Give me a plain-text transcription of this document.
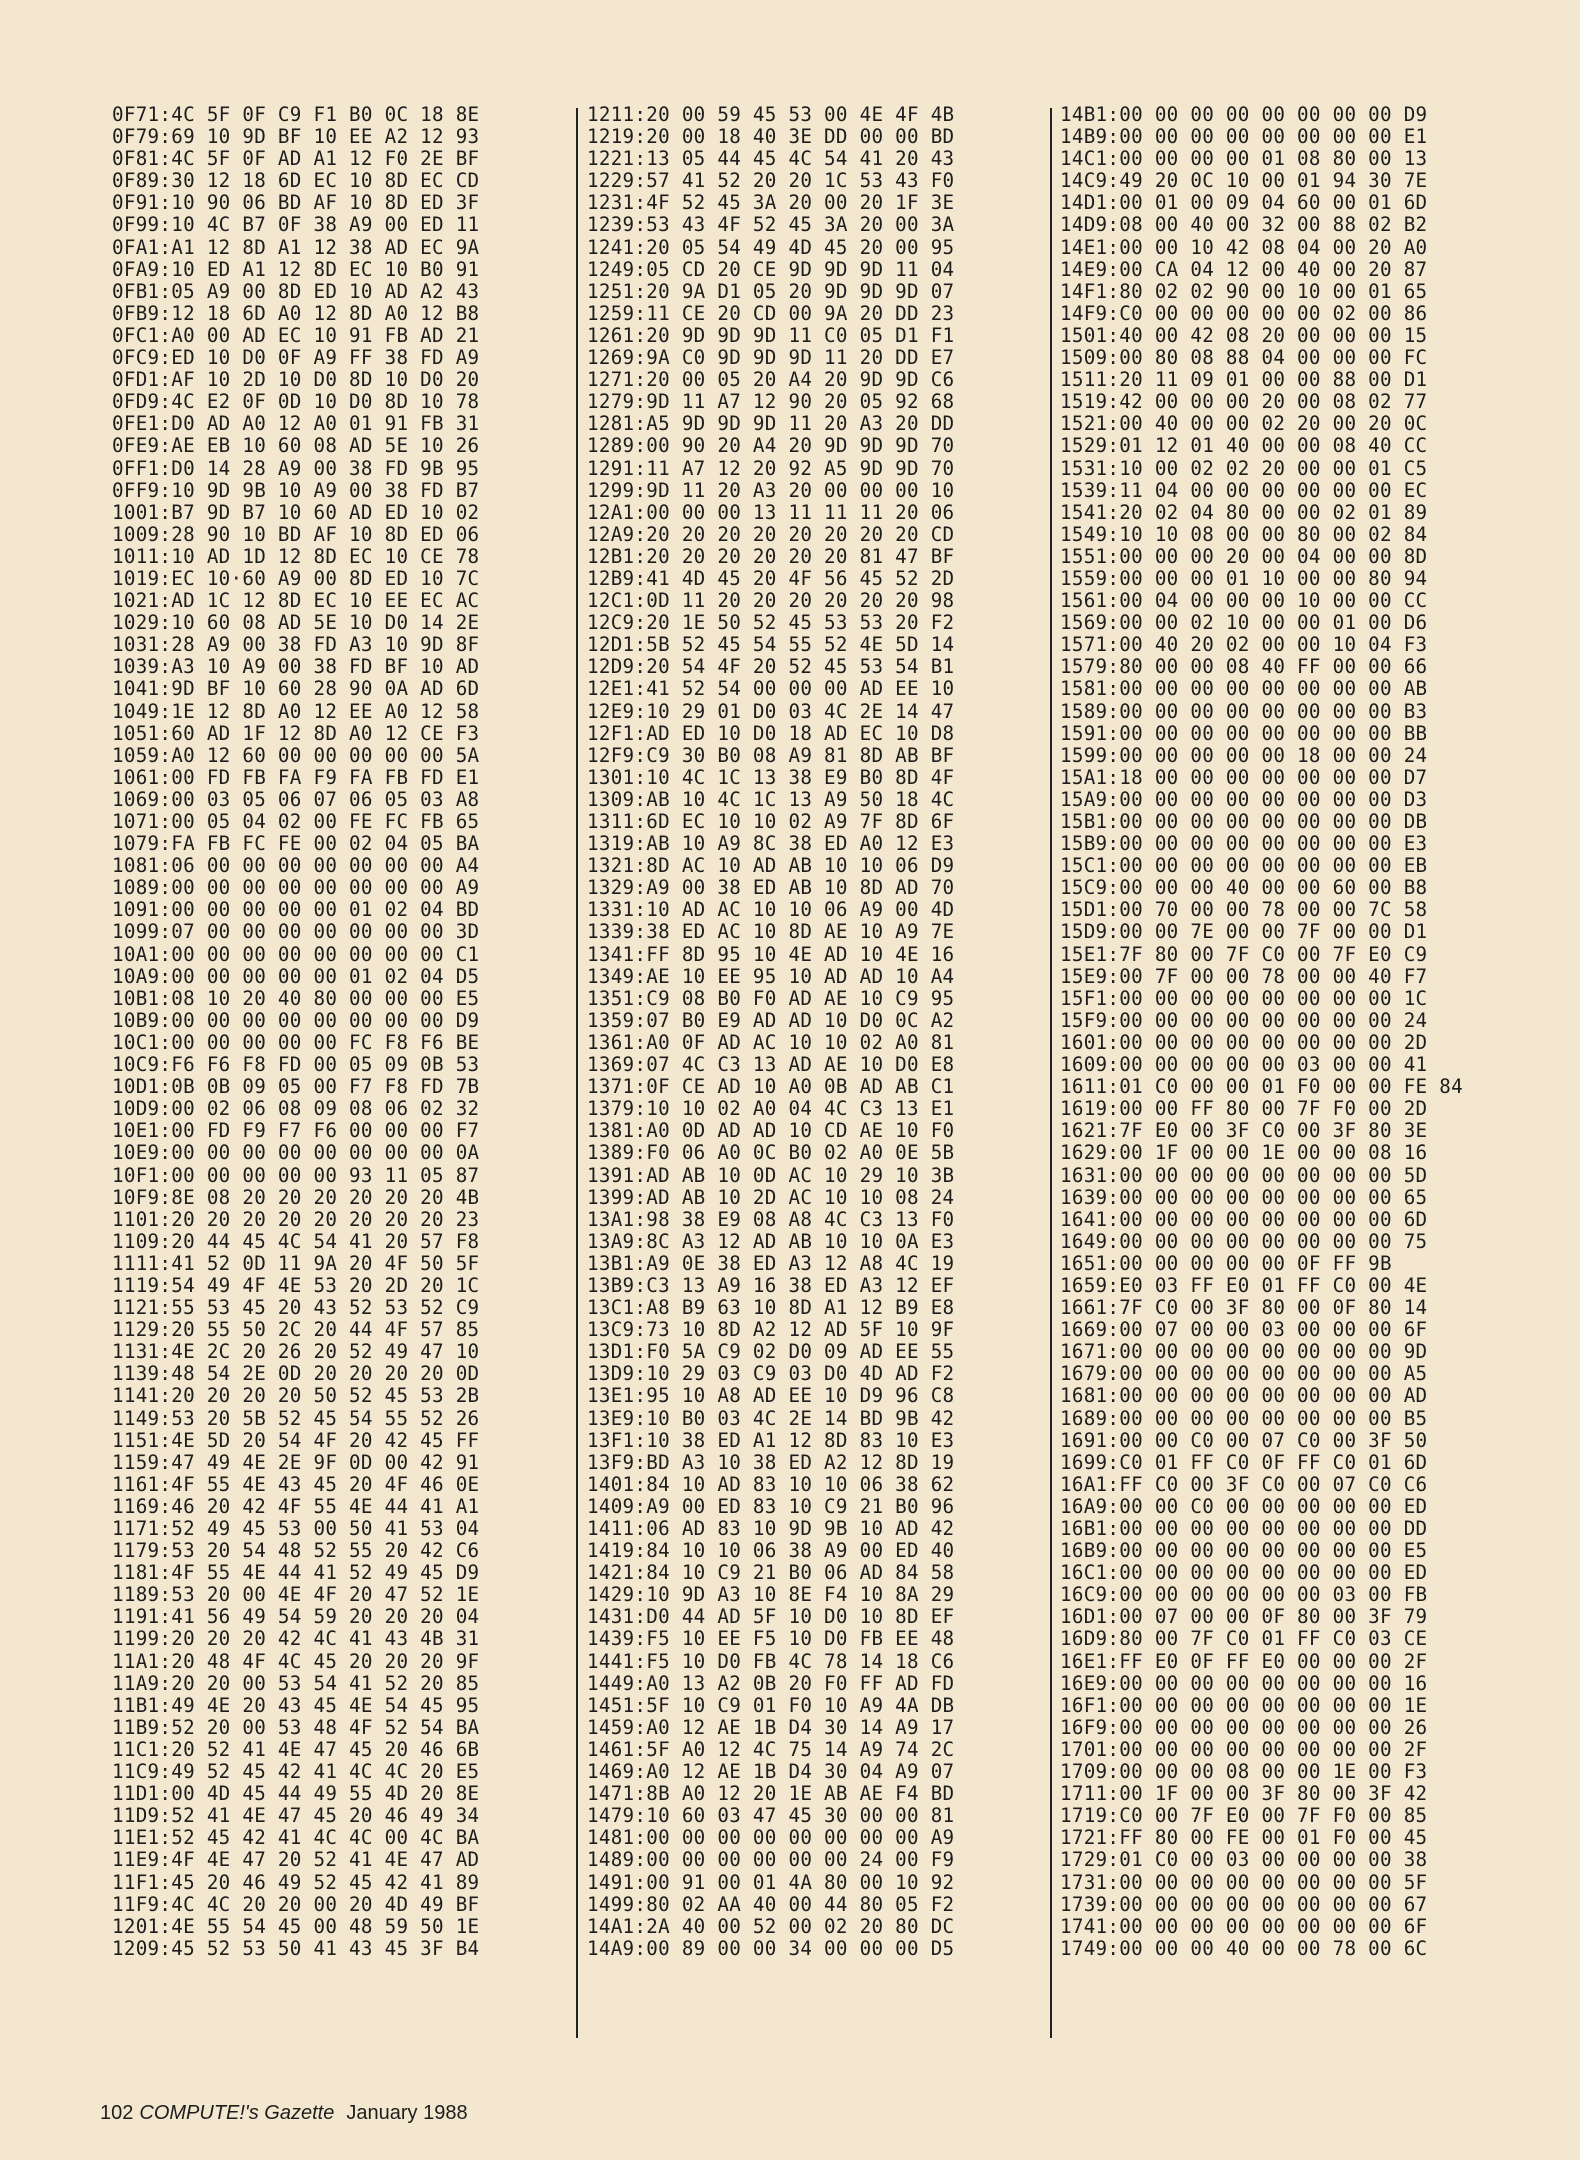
0F71:4C 5F 0F C9 F1 B0 0C 18 8E
0F79:69 10 9D BF 10 EE A2 12 93
0F81:4C 5F 0F AD A1 12 F0 2E BF
0F89:30 12 18 6D EC 10 8D EC CD
0F91:10 90 06 BD AF 10 8D ED 3F
0F99:10 4C B7 0F 38 A9 00 ED 11
0FA1:A1 12 8D A1 12 38 AD EC 9A
0FA9:10 ED A1 12 8D EC 10 B0 91
0FB1:05 A9 00 8D ED 10 AD A2 43
0FB9:12 18 6D A0 12 8D A0 12 B8
0FC1:A0 00 AD EC 10 91 FB AD 21
0FC9:ED 10 D0 0F A9 FF 38 FD A9
0FD1:AF 10 2D 10 D0 8D 10 D0 20
0FD9:4C E2 0F 0D 10 D0 8D 10 78
0FE1:D0 AD A0 12 A0 01 91 FB 31
0FE9:AE EB 10 60 08 AD 5E 10 26
0FF1:D0 14 28 A9 00 38 FD 9B 95
0FF9:10 9D 9B 10 A9 00 38 FD B7
1001:B7 9D B7 10 60 AD ED 10 02
1009:28 90 10 BD AF 10 8D ED 06
1011:10 AD 1D 12 8D EC 10 CE 78
1019:EC 10·60 A9 00 8D ED 10 7C
1021:AD 1C 12 8D EC 10 EE EC AC
1029:10 60 08 AD 5E 10 D0 14 2E
1031:28 A9 00 38 FD A3 10 9D 8F
1039:A3 10 A9 00 38 FD BF 10 AD
1041:9D BF 10 60 28 90 0A AD 6D
1049:1E 12 8D A0 12 EE A0 12 58
1051:60 AD 1F 12 8D A0 12 CE F3
1059:A0 12 60 00 00 00 00 00 5A
1061:00 FD FB FA F9 FA FB FD E1
1069:00 03 05 06 07 06 05 03 A8
1071:00 05 04 02 00 FE FC FB 65
1079:FA FB FC FE 00 02 04 05 BA
1081:06 00 00 00 00 00 00 00 A4
1089:00 00 00 00 00 00 00 00 A9
1091:00 00 00 00 00 01 02 04 BD
1099:07 00 00 00 00 00 00 00 3D
10A1:00 00 00 00 00 00 00 00 C1
10A9:00 00 00 00 00 01 02 04 D5
10B1:08 10 20 40 80 00 00 00 E5
10B9:00 00 00 00 00 00 00 00 D9
10C1:00 00 00 00 00 FC F8 F6 BE
10C9:F6 F6 F8 FD 00 05 09 0B 53
10D1:0B 0B 09 05 00 F7 F8 FD 7B
10D9:00 02 06 08 09 08 06 02 32
10E1:00 FD F9 F7 F6 00 00 00 F7
10E9:00 00 00 00 00 00 00 00 0A
10F1:00 00 00 00 00 93 11 05 87
10F9:8E 08 20 20 20 20 20 20 4B
1101:20 20 20 20 20 20 20 20 23
1109:20 44 45 4C 54 41 20 57 F8
1111:41 52 0D 11 9A 20 4F 50 5F
1119:54 49 4F 4E 53 20 2D 20 1C
1121:55 53 45 20 43 52 53 52 C9
1129:20 55 50 2C 20 44 4F 57 85
1131:4E 2C 20 26 20 52 49 47 10
1139:48 54 2E 0D 20 20 20 20 0D
1141:20 20 20 20 50 52 45 53 2B
1149:53 20 5B 52 45 54 55 52 26
1151:4E 5D 20 54 4F 20 42 45 FF
1159:47 49 4E 2E 9F 0D 00 42 91
1161:4F 55 4E 43 45 20 4F 46 0E
1169:46 20 42 4F 55 4E 44 41 A1
1171:52 49 45 53 00 50 41 53 04
1179:53 20 54 48 52 55 20 42 C6
1181:4F 55 4E 44 41 52 49 45 D9
1189:53 20 00 4E 4F 20 47 52 1E
1191:41 56 49 54 59 20 20 20 04
1199:20 20 20 42 4C 41 43 4B 31
11A1:20 48 4F 4C 45 20 20 20 9F
11A9:20 20 00 53 54 41 52 20 85
11B1:49 4E 20 43 45 4E 54 45 95
11B9:52 20 00 53 48 4F 52 54 BA
11C1:20 52 41 4E 47 45 20 46 6B
11C9:49 52 45 42 41 4C 4C 20 E5
11D1:00 4D 45 44 49 55 4D 20 8E
11D9:52 41 4E 47 45 20 46 49 34
11E1:52 45 42 41 4C 4C 00 4C BA
11E9:4F 4E 47 20 52 41 4E 47 AD
11F1:45 20 46 49 52 45 42 41 89
11F9:4C 4C 20 20 00 20 4D 49 BF
1201:4E 55 54 45 00 48 59 50 1E
1209:45 52 53 50 41 43 45 3F B4
1211:20 00 59 45 53 00 4E 4F 4B
1219:20 00 18 40 3E DD 00 00 BD
1221:13 05 44 45 4C 54 41 20 43
1229:57 41 52 20 20 1C 53 43 F0
1231:4F 52 45 3A 20 00 20 1F 3E
1239:53 43 4F 52 45 3A 20 00 3A
1241:20 05 54 49 4D 45 20 00 95
1249:05 CD 20 CE 9D 9D 9D 11 04
1251:20 9A D1 05 20 9D 9D 9D 07
1259:11 CE 20 CD 00 9A 20 DD 23
1261:20 9D 9D 9D 11 C0 05 D1 F1
1269:9A C0 9D 9D 9D 11 20 DD E7
1271:20 00 05 20 A4 20 9D 9D C6
1279:9D 11 A7 12 90 20 05 92 68
1281:A5 9D 9D 9D 11 20 A3 20 DD
1289:00 90 20 A4 20 9D 9D 9D 70
1291:11 A7 12 20 92 A5 9D 9D 70
1299:9D 11 20 A3 20 00 00 00 10
12A1:00 00 00 13 11 11 11 20 06
12A9:20 20 20 20 20 20 20 20 CD
12B1:20 20 20 20 20 20 81 47 BF
12B9:41 4D 45 20 4F 56 45 52 2D
12C1:0D 11 20 20 20 20 20 20 98
12C9:20 1E 50 52 45 53 53 20 F2
12D1:5B 52 45 54 55 52 4E 5D 14
12D9:20 54 4F 20 52 45 53 54 B1
12E1:41 52 54 00 00 00 AD EE 10
12E9:10 29 01 D0 03 4C 2E 14 47
12F1:AD ED 10 D0 18 AD EC 10 D8
12F9:C9 30 B0 08 A9 81 8D AB BF
1301:10 4C 1C 13 38 E9 B0 8D 4F
1309:AB 10 4C 1C 13 A9 50 18 4C
1311:6D EC 10 10 02 A9 7F 8D 6F
1319:AB 10 A9 8C 38 ED A0 12 E3
1321:8D AC 10 AD AB 10 10 06 D9
1329:A9 00 38 ED AB 10 8D AD 70
1331:10 AD AC 10 10 06 A9 00 4D
1339:38 ED AC 10 8D AE 10 A9 7E
1341:FF 8D 95 10 4E AD 10 4E 16
1349:AE 10 EE 95 10 AD AD 10 A4
1351:C9 08 B0 F0 AD AE 10 C9 95
1359:07 B0 E9 AD AD 10 D0 0C A2
1361:A0 0F AD AC 10 10 02 A0 81
1369:07 4C C3 13 AD AE 10 D0 E8
1371:0F CE AD 10 A0 0B AD AB C1
1379:10 10 02 A0 04 4C C3 13 E1
1381:A0 0D AD AD 10 CD AE 10 F0
1389:F0 06 A0 0C B0 02 A0 0E 5B
1391:AD AB 10 0D AC 10 29 10 3B
1399:AD AB 10 2D AC 10 10 08 24
13A1:98 38 E9 08 A8 4C C3 13 F0
13A9:8C A3 12 AD AB 10 10 0A E3
13B1:A9 0E 38 ED A3 12 A8 4C 19
13B9:C3 13 A9 16 38 ED A3 12 EF
13C1:A8 B9 63 10 8D A1 12 B9 E8
13C9:73 10 8D A2 12 AD 5F 10 9F
13D1:F0 5A C9 02 D0 09 AD EE 55
13D9:10 29 03 C9 03 D0 4D AD F2
13E1:95 10 A8 AD EE 10 D9 96 C8
13E9:10 B0 03 4C 2E 14 BD 9B 42
13F1:10 38 ED A1 12 8D 83 10 E3
13F9:BD A3 10 38 ED A2 12 8D 19
1401:84 10 AD 83 10 10 06 38 62
1409:A9 00 ED 83 10 C9 21 B0 96
1411:06 AD 83 10 9D 9B 10 AD 42
1419:84 10 10 06 38 A9 00 ED 40
1421:84 10 C9 21 B0 06 AD 84 58
1429:10 9D A3 10 8E F4 10 8A 29
1431:D0 44 AD 5F 10 D0 10 8D EF
1439:F5 10 EE F5 10 D0 FB EE 48
1441:F5 10 D0 FB 4C 78 14 18 C6
1449:A0 13 A2 0B 20 F0 FF AD FD
1451:5F 10 C9 01 F0 10 A9 4A DB
1459:A0 12 AE 1B D4 30 14 A9 17
1461:5F A0 12 4C 75 14 A9 74 2C
1469:A0 12 AE 1B D4 30 04 A9 07
1471:8B A0 12 20 1E AB AE F4 BD
1479:10 60 03 47 45 30 00 00 81
1481:00 00 00 00 00 00 00 00 A9
1489:00 00 00 00 00 00 24 00 F9
1491:00 91 00 01 4A 80 00 10 92
1499:80 02 AA 40 00 44 80 05 F2
14A1:2A 40 00 52 00 02 20 80 DC
14A9:00 89 00 00 34 00 00 00 D5
14B1:00 00 00 00 00 00 00 00 D9
14B9:00 00 00 00 00 00 00 00 E1
14C1:00 00 00 00 01 08 80 00 13
14C9:49 20 0C 10 00 01 94 30 7E
14D1:00 01 00 09 04 60 00 01 6D
14D9:08 00 40 00 32 00 88 02 B2
14E1:00 00 10 42 08 04 00 20 A0
14E9:00 CA 04 12 00 40 00 20 87
14F1:80 02 02 90 00 10 00 01 65
14F9:C0 00 00 00 00 00 02 00 86
1501:40 00 42 08 20 00 00 00 15
1509:00 80 08 88 04 00 00 00 FC
1511:20 11 09 01 00 00 88 00 D1
1519:42 00 00 00 20 00 08 02 77
1521:00 40 00 00 02 20 00 20 0C
1529:01 12 01 40 00 00 08 40 CC
1531:10 00 02 02 20 00 00 01 C5
1539:11 04 00 00 00 00 00 00 EC
1541:20 02 04 80 00 00 02 01 89
1549:10 10 08 00 00 80 00 02 84
1551:00 00 00 20 00 04 00 00 8D
1559:00 00 00 01 10 00 00 80 94
1561:00 04 00 00 00 10 00 00 CC
1569:00 00 02 10 00 00 01 00 D6
1571:00 40 20 02 00 00 10 04 F3
1579:80 00 00 08 40 FF 00 00 66
1581:00 00 00 00 00 00 00 00 AB
1589:00 00 00 00 00 00 00 00 B3
1591:00 00 00 00 00 00 00 00 BB
1599:00 00 00 00 00 18 00 00 24
15A1:18 00 00 00 00 00 00 00 D7
15A9:00 00 00 00 00 00 00 00 D3
15B1:00 00 00 00 00 00 00 00 DB
15B9:00 00 00 00 00 00 00 00 E3
15C1:00 00 00 00 00 00 00 00 EB
15C9:00 00 00 40 00 00 60 00 B8
15D1:00 70 00 00 78 00 00 7C 58
15D9:00 00 7E 00 00 7F 00 00 D1
15E1:7F 80 00 7F C0 00 7F E0 C9
15E9:00 7F 00 00 78 00 00 40 F7
15F1:00 00 00 00 00 00 00 00 1C
15F9:00 00 00 00 00 00 00 00 24
1601:00 00 00 00 00 00 00 00 2D
1609:00 00 00 00 00 03 00 00 41
1611:01 C0 00 00 01 F0 00 00 FE 84
1619:00 00 FF 80 00 7F F0 00 2D
1621:7F E0 00 3F C0 00 3F 80 3E
1629:00 1F 00 00 1E 00 00 08 16
1631:00 00 00 00 00 00 00 00 5D
1639:00 00 00 00 00 00 00 00 65
1641:00 00 00 00 00 00 00 00 6D
1649:00 00 00 00 00 00 00 00 75
1651:00 00 00 00 00 0F FF 9B
1659:E0 03 FF E0 01 FF C0 00 4E
1661:7F C0 00 3F 80 00 0F 80 14
1669:00 07 00 00 03 00 00 00 6F
1671:00 00 00 00 00 00 00 00 9D
1679:00 00 00 00 00 00 00 00 A5
1681:00 00 00 00 00 00 00 00 AD
1689:00 00 00 00 00 00 00 00 B5
1691:00 00 C0 00 07 C0 00 3F 50
1699:C0 01 FF C0 0F FF C0 01 6D
16A1:FF C0 00 3F C0 00 07 C0 C6
16A9:00 00 C0 00 00 00 00 00 ED
16B1:00 00 00 00 00 00 00 00 DD
16B9:00 00 00 00 00 00 00 00 E5
16C1:00 00 00 00 00 00 00 00 ED
16C9:00 00 00 00 00 00 03 00 FB
16D1:00 07 00 00 0F 80 00 3F 79
16D9:80 00 7F C0 01 FF C0 03 CE
16E1:FF E0 0F FF E0 00 00 00 2F
16E9:00 00 00 00 00 00 00 00 16
16F1:00 00 00 00 00 00 00 00 1E
16F9:00 00 00 00 00 00 00 00 26
1701:00 00 00 00 00 00 00 00 2F
1709:00 00 00 08 00 00 1E 00 F3
1711:00 1F 00 00 3F 80 00 3F 42
1719:C0 00 7F E0 00 7F F0 00 85
1721:FF 80 00 FE 00 01 F0 00 45
1729:01 C0 00 03 00 00 00 00 38
1731:00 00 00 00 00 00 00 00 5F
1739:00 00 00 00 00 00 00 00 67
1741:00 00 00 00 00 00 00 00 6F
1749:00 00 00 40 00 00 78 00 6C
102 COMPUTE!'s Gazette January 1988
